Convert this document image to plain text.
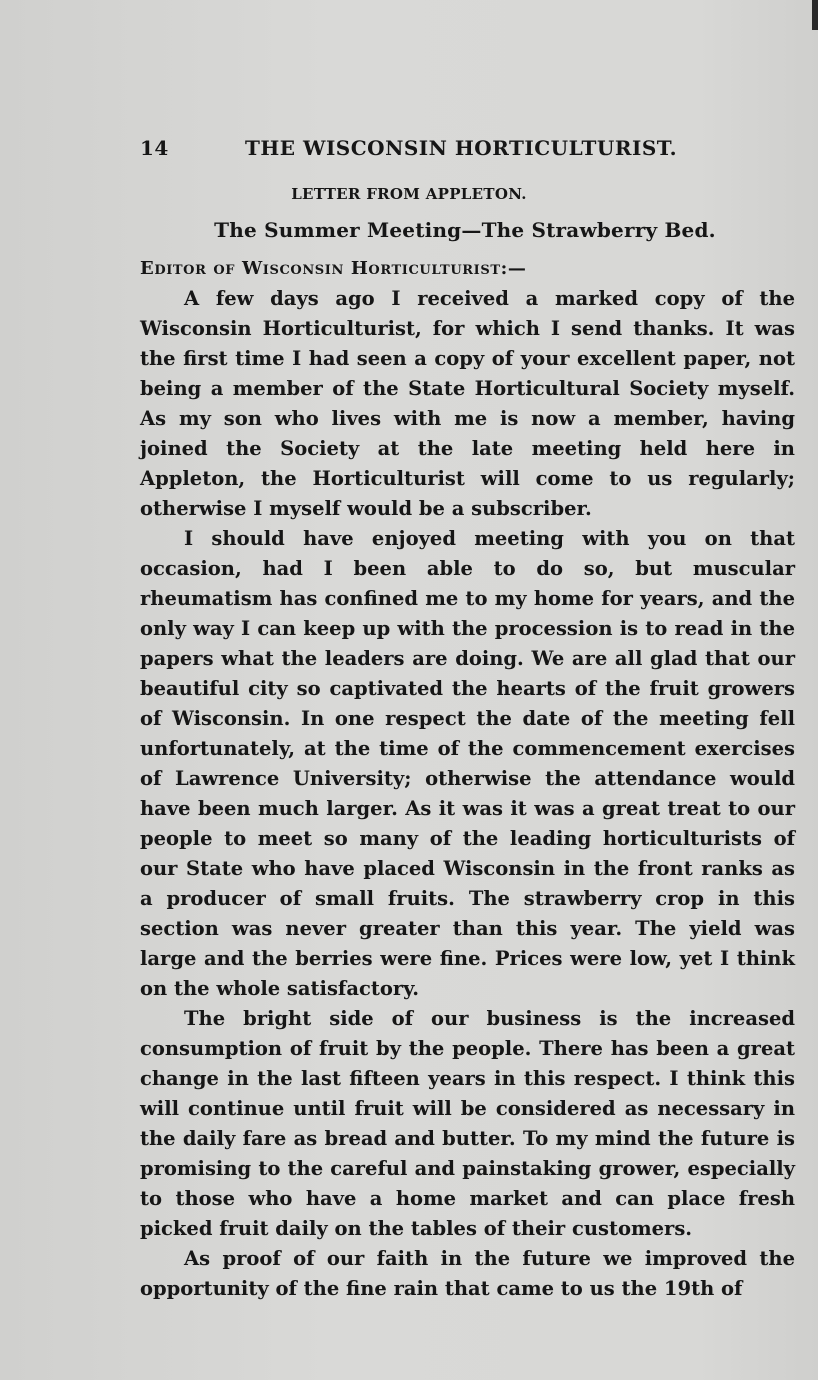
14	THE WISCONSIN HORTICULTURIST.
LETTER FROM APPLETON.
The Summer Meeting—The Strawberry Bed.
Editor of Wisconsin Horticulturist:—

A few days ago I received a marked copy of the Wisconsin Horticulturist, for which I send thanks. It was the first time I had seen a copy of your excellent paper, not being a member of the State Horticultural Society myself. As my son who lives with me is now a member, having joined the Society at the late meeting held here in Appleton, the Horticulturist will come to us regularly; otherwise I myself would be a subscriber.

I should have enjoyed meeting with you on that occasion, had I been able to do so, but muscular rheumatism has confined me to my home for years, and the only way I can keep up with the procession is to read in the papers what the leaders are doing. We are all glad that our beautiful city so captivated the hearts of the fruit growers of Wisconsin. In one respect the date of the meeting fell unfortunately, at the time of the commencement exercises of Lawrence University; otherwise the attendance would have been much larger. As it was it was a great treat to our people to meet so many of the leading horticulturists of our State who have placed Wisconsin in the front ranks as a producer of small fruits. The strawberry crop in this section was never greater than this year. The yield was large and the berries were fine. Prices were low, yet I think on the whole satisfactory.

The bright side of our business is the increased consumption of fruit by the people. There has been a great change in the last fifteen years in this respect. I think this will continue until fruit will be considered as necessary in the daily fare as bread and butter. To my mind the future is promising to the careful and painstaking grower, especially to those who have a home market and can place fresh picked fruit daily on the tables of their customers.

As proof of our faith in the future we improved the opportunity of the fine rain that came to us the 19th of
